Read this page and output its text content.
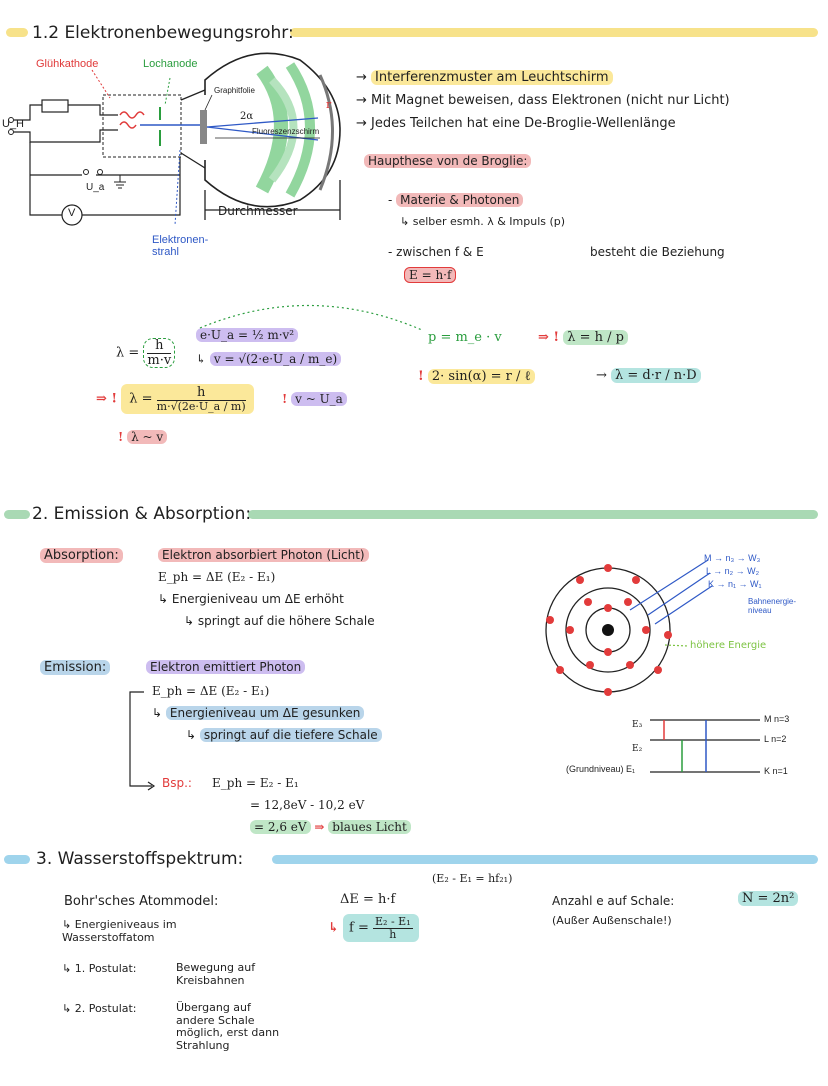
1.2 Elektronenbewegungsrohr:
Glühkathode	Lochanode
Graphitfolie
Fluoreszenzschirm
2α
r
U_H
U_a
V	Durchmesser
Elektronen-
strahl
→ Interferenzmuster am Leuchtschirm
→ Mit Magnet beweisen, dass Elektronen (nicht nur Licht)
→ Jedes Teilchen hat eine De-Broglie-Wellenlänge
Haupthese von de Broglie:
- Materie & Photonen
↳ selber esmh. λ & Impuls (p)
- zwischen f & E	besteht die Beziehung
E = h·f
$\lambda = \frac{h}{m\cdot v}$
e·U_a = ½ m·v²
↳ v = √(2·e·U_a / m_e)
p = m_e · v	⇒ ! λ = h / p
⇒ ! $\lambda = \frac{h}{m\cdot√(2e\cdot U\_a / m)}$	! v ~ U_a
! λ ~ v
! 2· sin(α) = r / ℓ	→ λ = d·r / n·D
2. Emission & Absorption:
Absorption:	Elektron absorbiert Photon (Licht)
E_ph = ΔE (E₂ - E₁)
↳ Energieniveau um ΔE erhöht
↳ springt auf die höhere Schale
Emission:	Elektron emittiert Photon
E_ph = ΔE (E₂ - E₁)
↳ Energieniveau um ΔE gesunken
↳ springt auf die tiefere Schale
Bsp.: E_ph = E₂ - E₁
= 12,8eV - 10,2 eV
= 2,6 eV ⇒ blaues Licht
M → n₃ → W₃
L → n₂ → W₂
K → n₁ → W₁
Bahnenergie-
niveau
höhere Energie
E₃
E₂
(Grundniveau) E₁
M n=3
L n=2
K n=1
3. Wasserstoffspektrum:
Bohr'sches Atommodel:
↳ Energieniveaus im Wasserstoffatom
↳ 1. Postulat:	Bewegung auf Kreisbahnen
↳ 2. Postulat:	Übergang auf andere Schale möglich, erst dann Strahlung
(E₂ - E₁ = hf₂₁)
ΔE = h·f
↳ $f = \frac{\text{E₂ - E₁}}{h}$
Anzahl e auf Schale:	N = 2n²
(Außer Außenschale!)
